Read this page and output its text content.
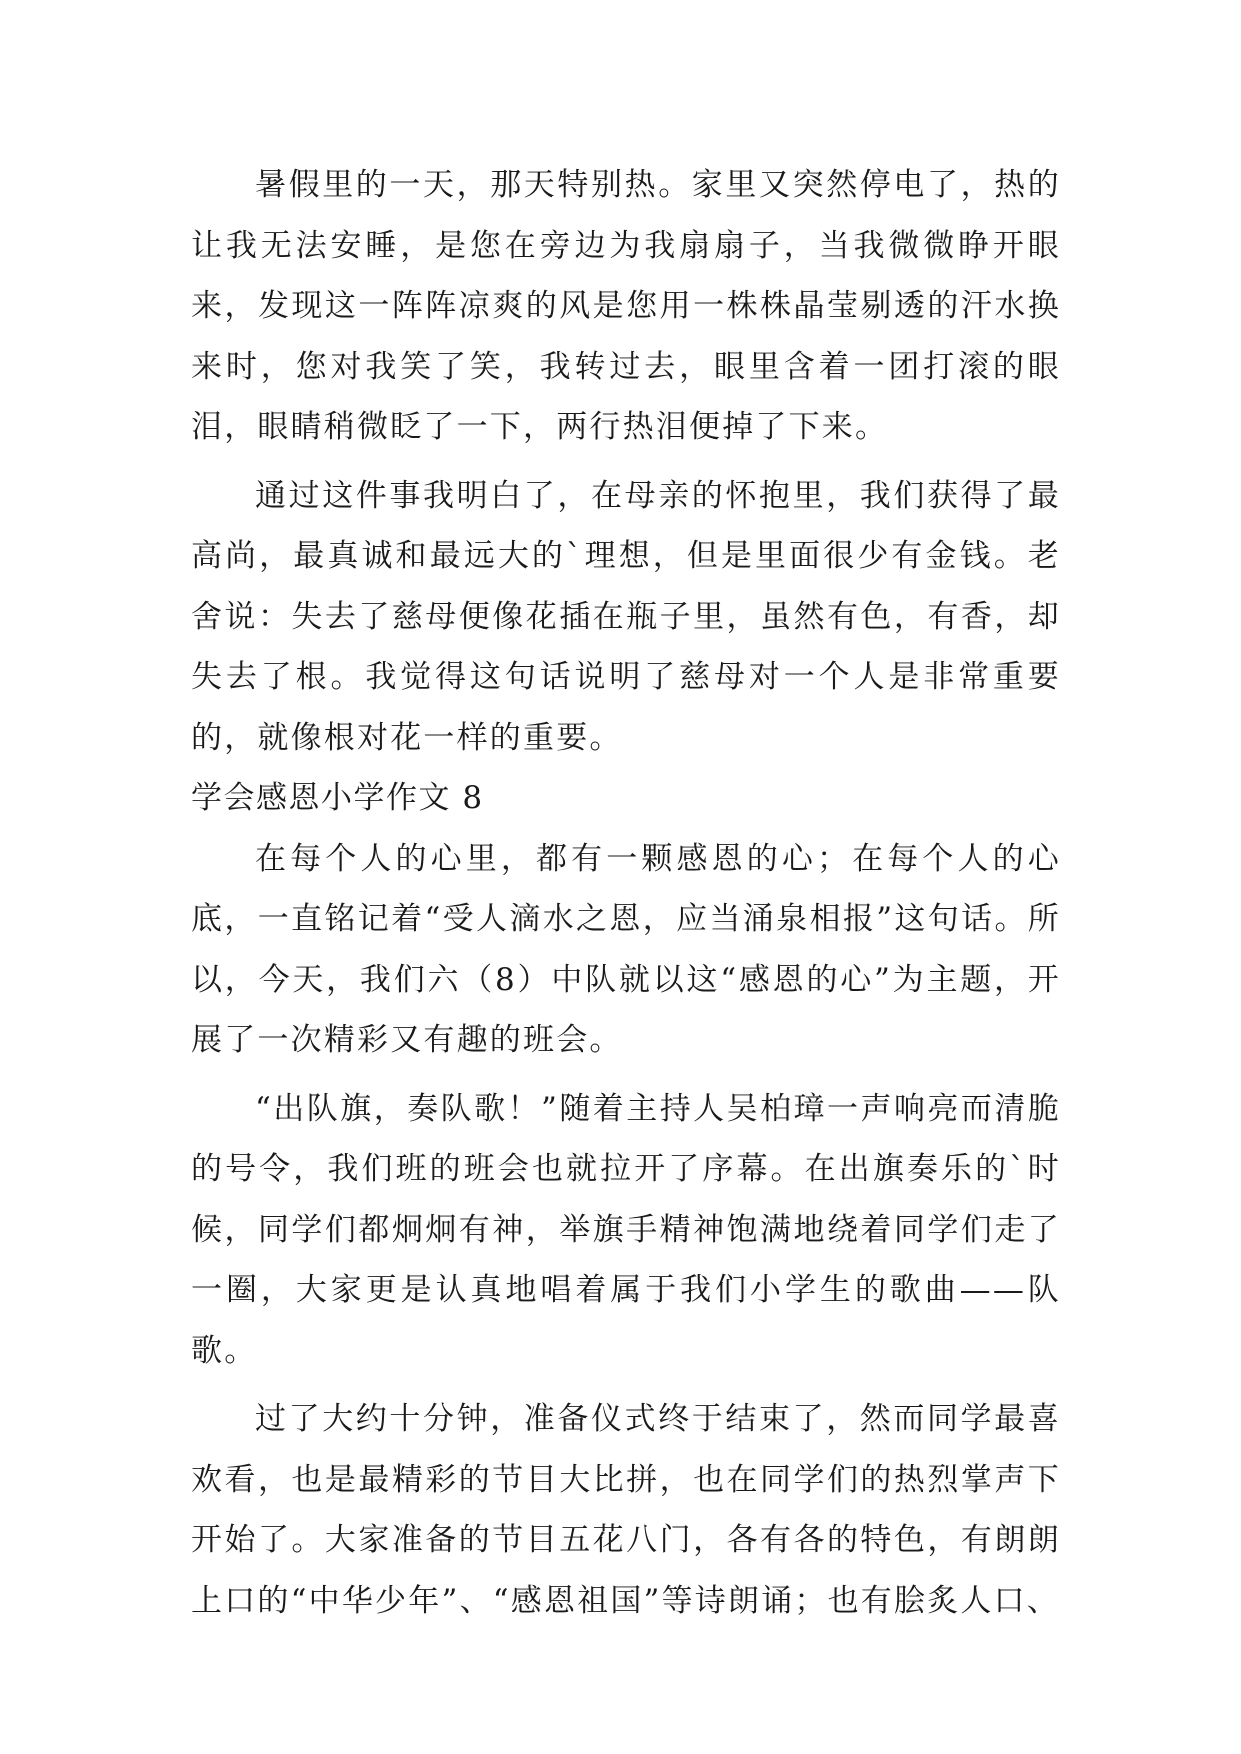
暑假里的一天，那天特别热。家里又突然停电了，热的让我无法安睡，是您在旁边为我扇扇子，当我微微睁开眼来，发现这一阵阵凉爽的风是您用一株株晶莹剔透的汗水换来时，您对我笑了笑，我转过去，眼里含着一团打滚的眼泪，眼睛稍微眨了一下，两行热泪便掉了下来。

通过这件事我明白了，在母亲的怀抱里，我们获得了最高尚，最真诚和最远大的`理想，但是里面很少有金钱。老舍说：失去了慈母便像花插在瓶子里，虽然有色，有香，却失去了根。我觉得这句话说明了慈母对一个人是非常重要的，就像根对花一样的重要。

学会感恩小学作文 8

在每个人的心里，都有一颗感恩的心；在每个人的心底，一直铭记着“受人滴水之恩，应当涌泉相报”这句话。所以，今天，我们六（8）中队就以这“感恩的心”为主题，开展了一次精彩又有趣的班会。

“出队旗，奏队歌！”随着主持人吴柏璋一声响亮而清脆的号令，我们班的班会也就拉开了序幕。在出旗奏乐的`时候，同学们都炯炯有神，举旗手精神饱满地绕着同学们走了一圈，大家更是认真地唱着属于我们小学生的歌曲——队歌。

过了大约十分钟，准备仪式终于结束了，然而同学最喜欢看，也是最精彩的节目大比拼，也在同学们的热烈掌声下开始了。大家准备的节目五花八门，各有各的特色，有朗朗上口的“中华少年”、“感恩祖国”等诗朗诵；也有脍炙人口、
